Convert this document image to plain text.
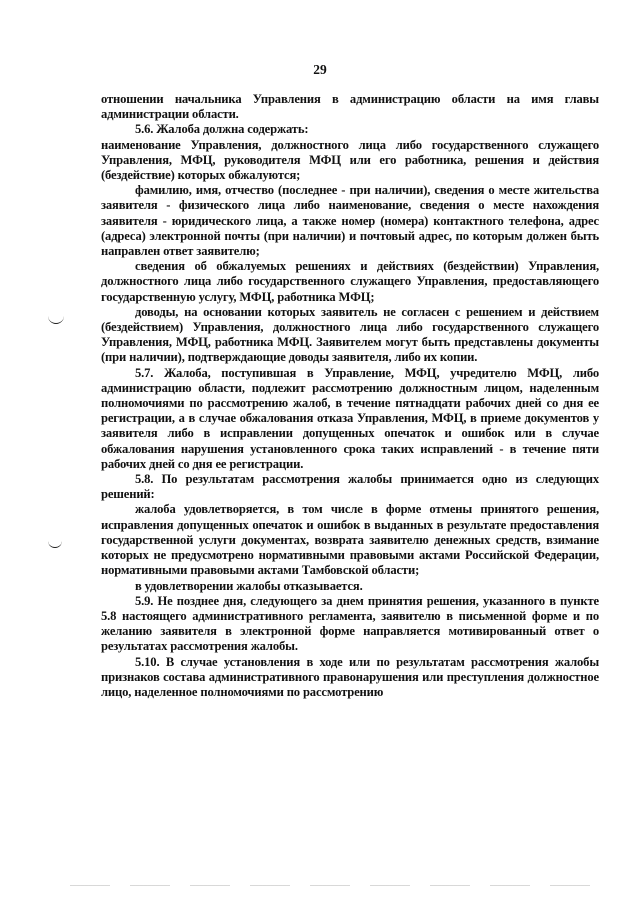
29

отношении начальника Управления в администрацию области на имя главы администрации области.

5.6. Жалоба должна содержать:

наименование Управления, должностного лица либо государственного служащего Управления, МФЦ, руководителя МФЦ или его работника, решения и действия (бездействие) которых обжалуются;

фамилию, имя, отчество (последнее - при наличии), сведения о месте жительства заявителя - физического лица либо наименование, сведения о месте нахождения заявителя - юридического лица, а также номер (номера) контактного телефона, адрес (адреса) электронной почты (при наличии) и почтовый адрес, по которым должен быть направлен ответ заявителю;

сведения об обжалуемых решениях и действиях (бездействии) Управления, должностного лица либо государственного служащего Управления, предоставляющего государственную услугу, МФЦ, работника МФЦ;

доводы, на основании которых заявитель не согласен с решением и действием (бездействием) Управления, должностного лица либо государственного служащего Управления, МФЦ, работника МФЦ. Заявителем могут быть представлены документы (при наличии), подтверждающие доводы заявителя, либо их копии.

5.7. Жалоба, поступившая в Управление, МФЦ, учредителю МФЦ, либо администрацию области, подлежит рассмотрению должностным лицом, наделенным полномочиями по рассмотрению жалоб, в течение пятнадцати рабочих дней со дня ее регистрации, а в случае обжалования отказа Управления, МФЦ, в приеме документов у заявителя либо в исправлении допущенных опечаток и ошибок или в случае обжалования нарушения установленного срока таких исправлений - в течение пяти рабочих дней со дня ее регистрации.

5.8. По результатам рассмотрения жалобы принимается одно из следующих решений:

жалоба удовлетворяется, в том числе в форме отмены принятого решения, исправления допущенных опечаток и ошибок в выданных в результате предоставления государственной услуги документах, возврата заявителю денежных средств, взимание которых не предусмотрено нормативными правовыми актами Российской Федерации, нормативными правовыми актами Тамбовской области;

в удовлетворении жалобы отказывается.

5.9. Не позднее дня, следующего за днем принятия решения, указанного в пункте 5.8 настоящего административного регламента, заявителю в письменной форме и по желанию заявителя в электронной форме направляется мотивированный ответ о результатах рассмотрения жалобы.

5.10. В случае установления в ходе или по результатам рассмотрения жалобы признаков состава административного правонарушения или преступления должностное лицо, наделенное полномочиями по рассмотрению
